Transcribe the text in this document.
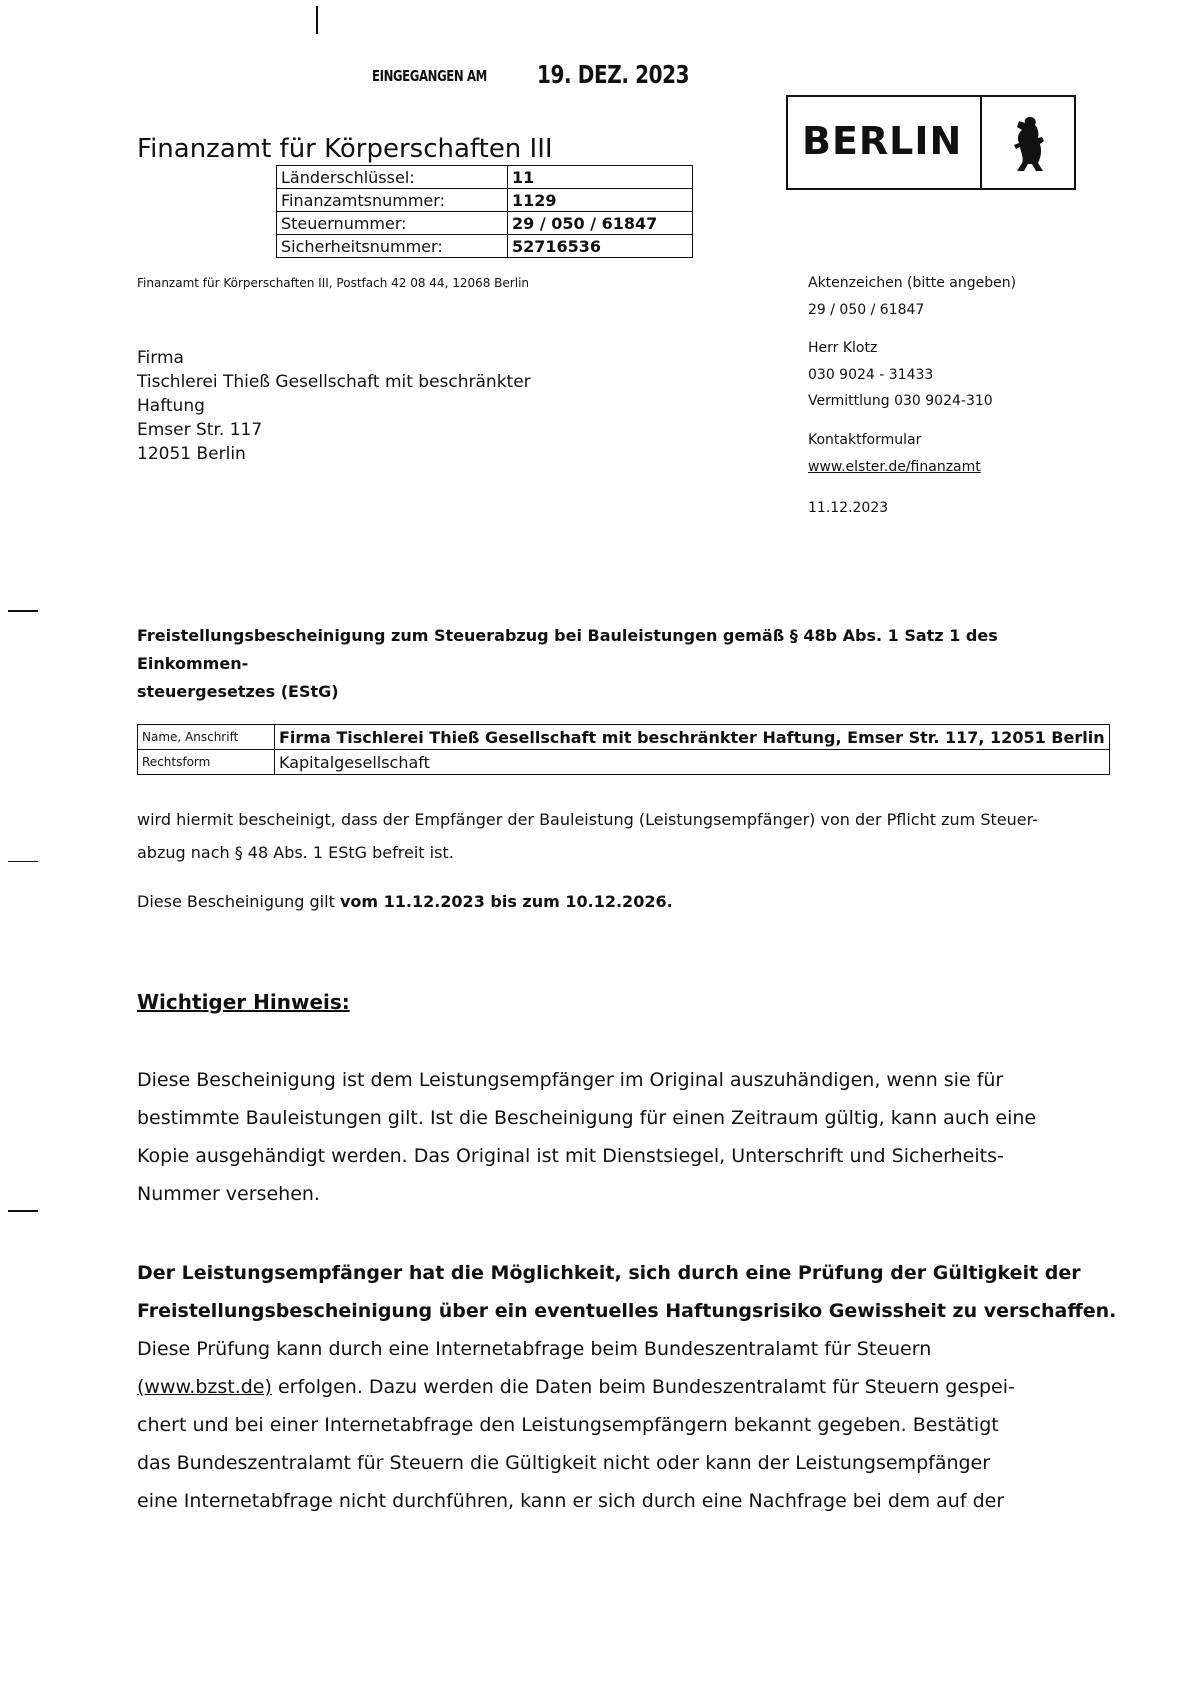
EINGEGANGEN AM 19. DEZ. 2023
Finanzamt für Körperschaften III
Länderschlüssel:	11
Finanzamtsnummer:	1129
Steuernummer:	29 / 050 / 61847
Sicherheitsnummer:	52716536
BERLIN
Finanzamt für Körperschaften III, Postfach 42 08 44, 12068 Berlin
Firma
Tischlerei Thieß Gesellschaft mit beschränkter
Haftung
Emser Str. 117
12051 Berlin
Aktenzeichen (bitte angeben)
29 / 050 / 61847
Herr Klotz
030 9024 - 31433
Vermittlung 030 9024-310
Kontaktformular
www.elster.de/finanzamt
11.12.2023
Freistellungsbescheinigung zum Steuerabzug bei Bauleistungen gemäß § 48b Abs. 1 Satz 1 des Einkommen-
steuergesetzes (EStG)
Name, Anschrift	Firma Tischlerei Thieß Gesellschaft mit beschränkter Haftung, Emser Str. 117, 12051 Berlin
Rechtsform	Kapitalgesellschaft
wird hiermit bescheinigt, dass der Empfänger der Bauleistung (Leistungsempfänger) von der Pflicht zum Steuer-
abzug nach § 48 Abs. 1 EStG befreit ist.
Diese Bescheinigung gilt vom 11.12.2023 bis zum 10.12.2026.
Wichtiger Hinweis:
Diese Bescheinigung ist dem Leistungsempfänger im Original auszuhändigen, wenn sie für
bestimmte Bauleistungen gilt. Ist die Bescheinigung für einen Zeitraum gültig, kann auch eine
Kopie ausgehändigt werden. Das Original ist mit Dienstsiegel, Unterschrift und Sicherheits-
Nummer versehen.
Der Leistungsempfänger hat die Möglichkeit, sich durch eine Prüfung der Gültigkeit der
Freistellungsbescheinigung über ein eventuelles Haftungsrisiko Gewissheit zu verschaffen.
Diese Prüfung kann durch eine Internetabfrage beim Bundeszentralamt für Steuern
(www.bzst.de) erfolgen. Dazu werden die Daten beim Bundeszentralamt für Steuern gespei-
chert und bei einer Internetabfrage den Leistungsempfängern bekannt gegeben. Bestätigt
das Bundeszentralamt für Steuern die Gültigkeit nicht oder kann der Leistungsempfänger
eine Internetabfrage nicht durchführen, kann er sich durch eine Nachfrage bei dem auf der
